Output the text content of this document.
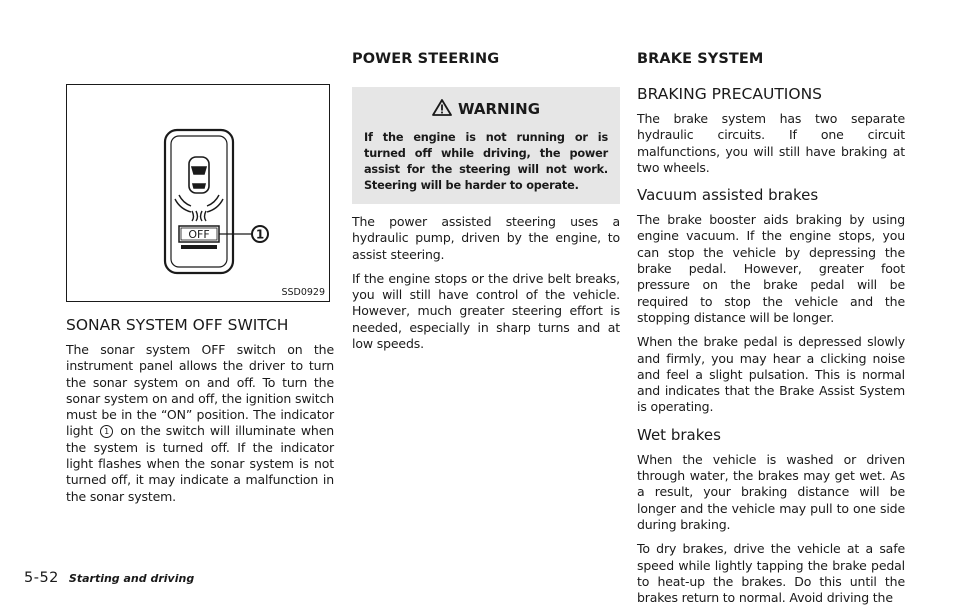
OFF	1
SSD0929
SONAR SYSTEM OFF SWITCH

The sonar system OFF switch on the instrument panel allows the driver to turn the sonar system on and off. To turn the sonar system on and off, the ignition switch must be in the “ON” position. The indicator light 1 on the switch will illuminate when the system is turned off. If the indicator light flashes when the sonar system is not turned off, it may indicate a malfunction in the sonar system.

POWER STEERING
WARNING
If the engine is not running or is turned off while driving, the power assist for the steering will not work. Steering will be harder to operate.

The power assisted steering uses a hydraulic pump, driven by the engine, to assist steering.

If the engine stops or the drive belt breaks, you will still have control of the vehicle. However, much greater steering effort is needed, especially in sharp turns and at low speeds.

BRAKE SYSTEM
BRAKING PRECAUTIONS

The brake system has two separate hydraulic circuits. If one circuit malfunctions, you will still have braking at two wheels.

Vacuum assisted brakes

The brake booster aids braking by using engine vacuum. If the engine stops, you can stop the vehicle by depressing the brake pedal. However, greater foot pressure on the brake pedal will be required to stop the vehicle and the stopping distance will be longer.

When the brake pedal is depressed slowly and firmly, you may hear a clicking noise and feel a slight pulsation. This is normal and indicates that the Brake Assist System is operating.

Wet brakes

When the vehicle is washed or driven through water, the brakes may get wet. As a result, your braking distance will be longer and the vehicle may pull to one side during braking.

To dry brakes, drive the vehicle at a safe speed while lightly tapping the brake pedal to heat-up the brakes. Do this until the brakes return to normal. Avoid driving the

5-52 Starting and driving
